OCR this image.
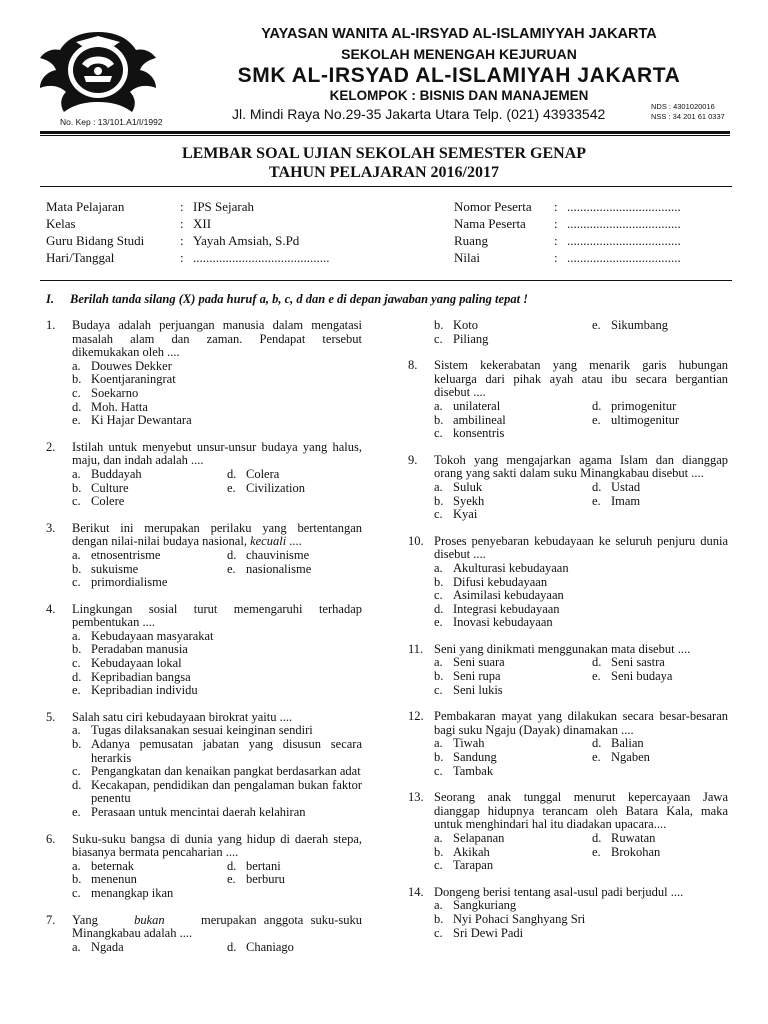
No. Kep : 13/101.A1/I/1992
YAYASAN WANITA AL-IRSYAD AL-ISLAMIYYAH JAKARTA
SEKOLAH MENENGAH KEJURUAN
SMK AL-IRSYAD AL-ISLAMIYAH JAKARTA
KELOMPOK : BISNIS DAN MANAJEMEN
Jl. Mindi Raya No.29-35 Jakarta Utara Telp. (021) 43933542	NDS : 4301020016
NSS : 34 201 61 0337
LEMBAR SOAL UJIAN SEKOLAH SEMESTER GENAP
TAHUN PELAJARAN 2016/2017
Mata Pelajaran	: IPS Sejarah
Kelas	: XII
Guru Bidang Studi	: Yayah Amsiah, S.Pd
Hari/Tanggal	: ..........................................
Nomor Peserta : ...................................
Nama Peserta : ...................................
Ruang	: ...................................
Nilai	: ...................................
I. Berilah tanda silang (X) pada huruf a, b, c, d dan e di depan jawaban yang paling tepat !
1.	Budaya adalah perjuangan manusia dalam mengatasi masalah alam dan zaman. Pendapat tersebut dikemukakan oleh ....
a. Douwes Dekker
b. Koentjaraningrat
c. Soekarno
d. Moh. Hatta
e. Ki Hajar Dewantara
2.	Istilah untuk menyebut unsur-unsur budaya yang halus, maju, dan indah adalah ....
a. Buddayah	d. Colera
b. Culture	e. Civilization
c. Colere
3.	Berikut ini merupakan perilaku yang bertentangan dengan nilai-nilai budaya nasional, kecuali ....
a. etnosentrisme	d. chauvinisme
b. sukuisme	e. nasionalisme
c. primordialisme
4.	Lingkungan sosial turut memengaruhi terhadap pembentukan ....
a. Kebudayaan masyarakat
b. Peradaban manusia
c. Kebudayaan lokal
d. Kepribadian bangsa
e. Kepribadian individu
5.	Salah satu ciri kebudayaan birokrat yaitu ....
a. Tugas dilaksanakan sesuai keinginan sendiri
b. Adanya pemusatan jabatan yang disusun secara herarkis
c. Pengangkatan dan kenaikan pangkat berdasarkan adat
d. Kecakapan, pendidikan dan pengalaman bukan faktor penentu
e. Perasaan untuk mencintai daerah kelahiran
6.	Suku-suku bangsa di dunia yang hidup di daerah stepa, biasanya bermata pencaharian ....
a. beternak	d. bertani
b. menenun	e. berburu
c. menangkap ikan
7.	Yang	bukan	merupakan anggota suku-suku Minangkabau adalah ....
a. Ngada	d. Chaniago
b. Koto	e. Sikumbang
c. Piliang
8.	Sistem kekerabatan yang menarik garis hubungan keluarga dari pihak ayah atau ibu secara bergantian disebut ....
a. unilateral	d. primogenitur
b. ambilineal	e. ultimogenitur
c. konsentris
9.	Tokoh yang mengajarkan agama Islam dan dianggap orang yang sakti dalam suku Minangkabau disebut ....
a. Suluk	d. Ustad
b. Syekh	e. Imam
c. Kyai
10. Proses penyebaran kebudayaan ke seluruh penjuru dunia disebut ....
a. Akulturasi kebudayaan
b. Difusi kebudayaan
c. Asimilasi kebudayaan
d. Integrasi kebudayaan
e. Inovasi kebudayaan
11. Seni yang dinikmati menggunakan mata disebut ....
a. Seni suara	d. Seni sastra
b. Seni rupa	e. Seni budaya
c. Seni lukis
12. Pembakaran mayat yang dilakukan secara besar-besaran bagi suku Ngaju (Dayak) dinamakan ....
a. Tiwah	d. Balian
b. Sandung	e. Ngaben
c. Tambak
13. Seorang anak tunggal menurut kepercayaan Jawa dianggap hidupnya terancam oleh Batara Kala, maka untuk menghindari hal itu diadakan upacara....
a. Selapanan	d. Ruwatan
b. Akikah	e. Brokohan
c. Tarapan
14. Dongeng berisi tentang asal-usul padi berjudul ....
a. Sangkuriang
b. Nyi Pohaci Sanghyang Sri
c. Sri Dewi Padi
